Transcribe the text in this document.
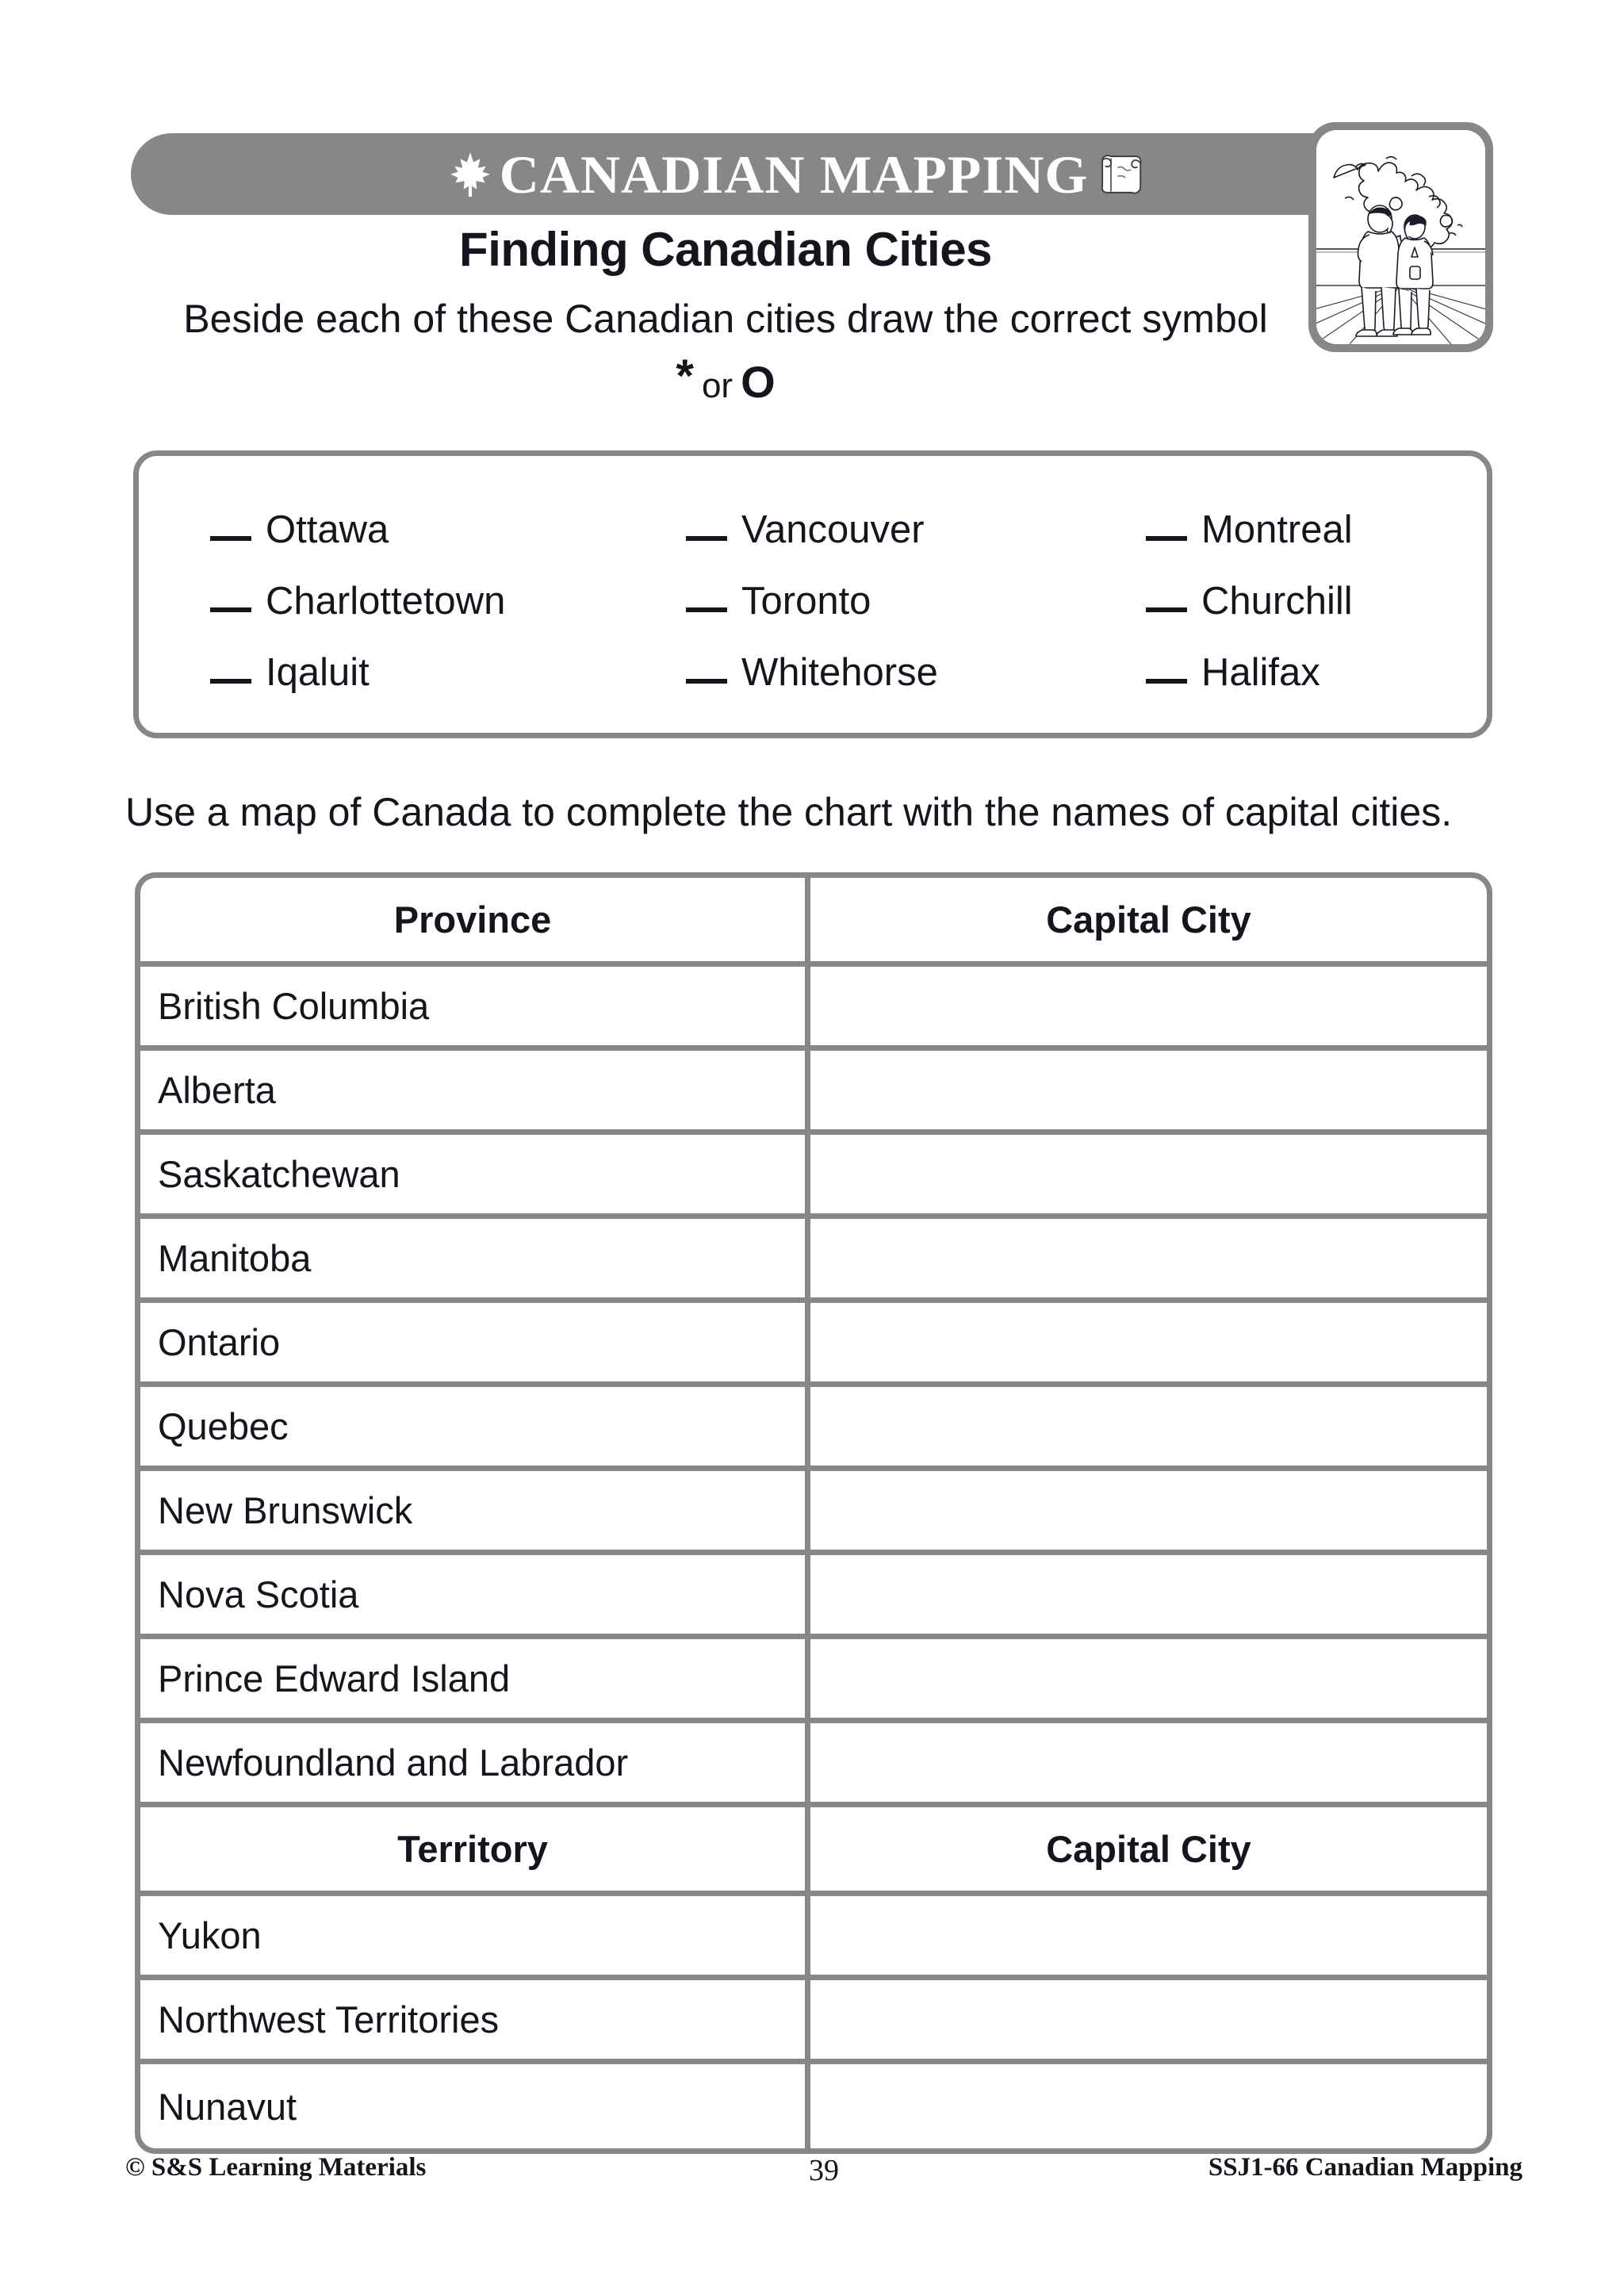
CANADIAN MAPPING
Finding Canadian Cities
Beside each of these Canadian cities draw the correct symbol
* or O
Ottawa	Vancouver	Montreal
Charlottetown	Toronto	Churchill
Iqaluit	Whitehorse	Halifax
Use a map of Canada to complete the chart with the names of capital cities.
Province	Capital City
British Columbia	
Alberta	
Saskatchewan	
Manitoba	
Ontario	
Quebec	
New Brunswick	
Nova Scotia	
Prince Edward Island	
Newfoundland and Labrador	
Territory	Capital City
Yukon	
Northwest Territories	
Nunavut	
© S&S Learning Materials	39	SSJ1-66 Canadian Mapping
